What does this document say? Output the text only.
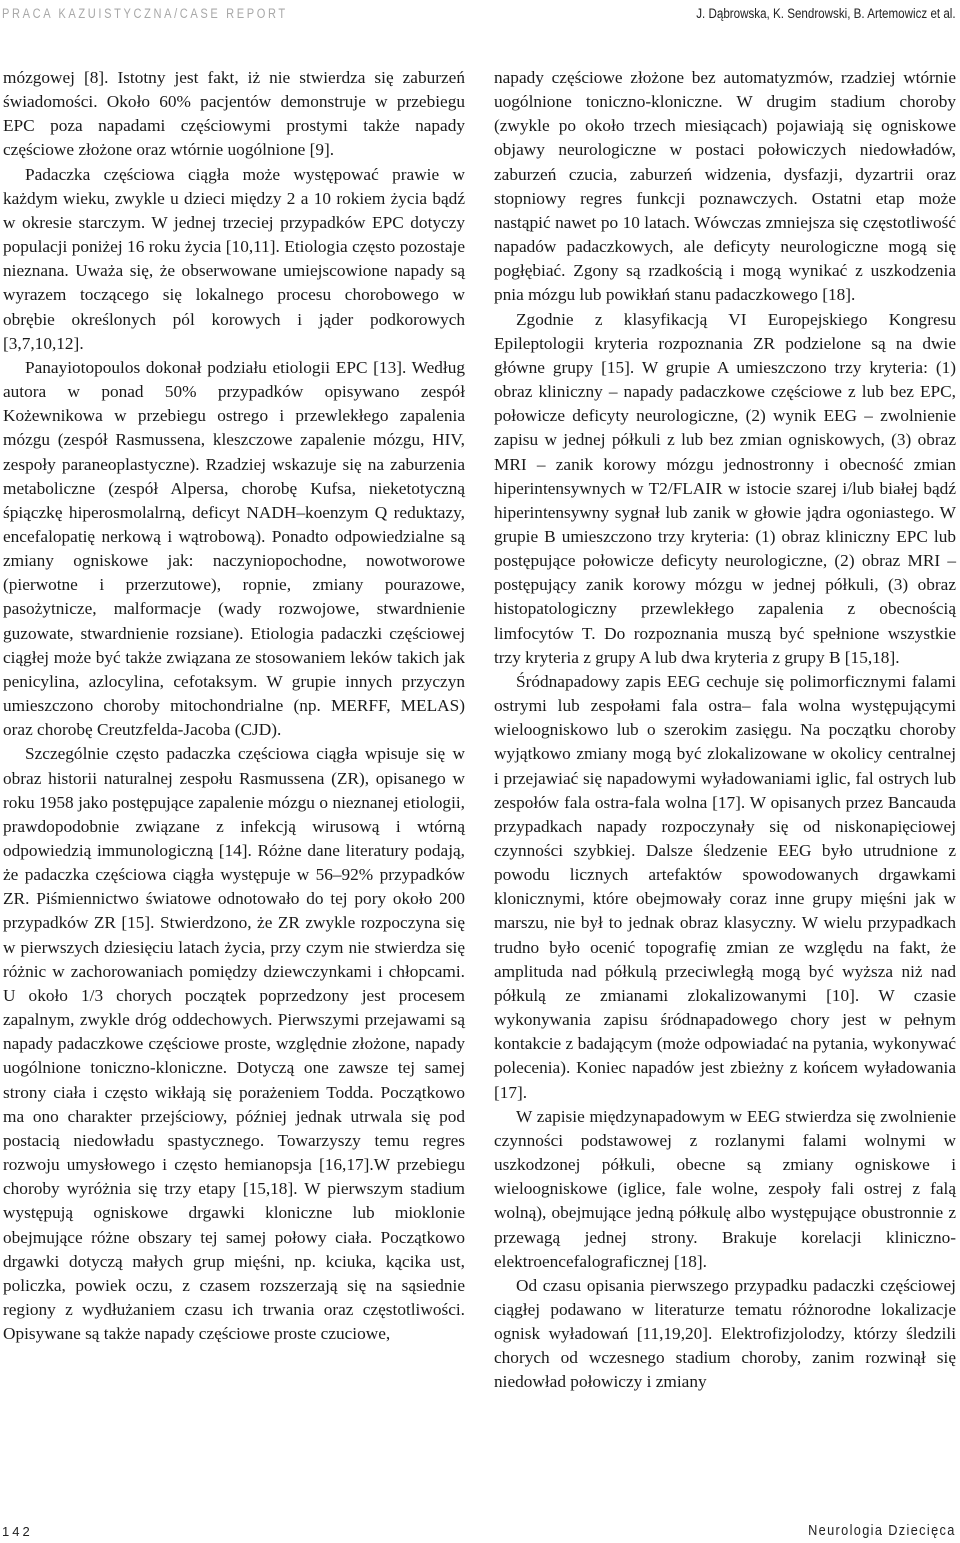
PRACA KAZUISTYCZNA/CASE REPORT	J. Dąbrowska, K. Sendrowski, B. Artemowicz et al.

mózgowej [8]. Istotny jest fakt, iż nie stwierdza się zaburzeń świadomości. Około 60% pacjentów demonstruje w przebiegu EPC poza napadami częściowymi prostymi także napady częściowe złożone oraz wtórnie uogólnione [9].

Padaczka częściowa ciągła może występować prawie w każdym wieku, zwykle u dzieci między 2 a 10 rokiem życia bądź w okresie starczym. W jednej trzeciej przypadków EPC dotyczy populacji poniżej 16 roku życia [10,11]. Etiologia często pozostaje nieznana. Uważa się, że obserwowane umiejscowione napady są wyrazem toczącego się lokalnego procesu chorobowego w obrębie określonych pól korowych i jąder podkorowych [3,7,10,12].

Panayiotopoulos dokonał podziału etiologii EPC [13]. Według autora w ponad 50% przypadków opisywano zespół Kożewnikowa w przebiegu ostrego i przewlekłego zapalenia mózgu (zespół Rasmussena, kleszczowe zapalenie mózgu, HIV, zespoły paraneoplastyczne). Rzadziej wskazuje się na zaburzenia metaboliczne (zespół Alpersa, chorobę Kufsa, nieketotyczną śpiączkę hiperosmolalrną, deficyt NADH–koenzym Q reduktazy, encefalopatię nerkową i wątrobową). Ponadto odpowiedzialne są zmiany ogniskowe jak: naczyniopochodne, nowotworowe (pierwotne i przerzutowe), ropnie, zmiany pourazowe, pasożytnicze, malformacje (wady rozwojowe, stwardnienie guzowate, stwardnienie rozsiane). Etiologia padaczki częściowej ciągłej może być także związana ze stosowaniem leków takich jak penicylina, azlocylina, cefotaksym. W grupie innych przyczyn umieszczono choroby mitochondrialne (np. MERFF, MELAS) oraz chorobę Creutzfelda-Jacoba (CJD).

Szczególnie często padaczka częściowa ciągła wpisuje się w obraz historii naturalnej zespołu Rasmussena (ZR), opisanego w roku 1958 jako postępujące zapalenie mózgu o nieznanej etiologii, prawdopodobnie związane z infekcją wirusową i wtórną odpowiedzią immunologiczną [14]. Różne dane literatury podają, że padaczka częściowa ciągła występuje w 56–92% przypadków ZR. Piśmiennictwo światowe odnotowało do tej pory około 200 przypadków ZR [15]. Stwierdzono, że ZR zwykle rozpoczyna się w pierwszych dziesięciu latach życia, przy czym nie stwierdza się różnic w zachorowaniach pomiędzy dziewczynkami i chłopcami. U około 1/3 chorych początek poprzedzony jest procesem zapalnym, zwykle dróg oddechowych. Pierwszymi przejawami są napady padaczkowe częściowe proste, względnie złożone, napady uogólnione toniczno-kloniczne. Dotyczą one zawsze tej samej strony ciała i często wikłają się porażeniem Todda. Początkowo ma ono charakter przejściowy, później jednak utrwala się pod postacią niedowładu spastycznego. Towarzyszy temu regres rozwoju umysłowego i często hemianopsja [16,17].W przebiegu choroby wyróżnia się trzy etapy [15,18]. W pierwszym stadium występują ogniskowe drgawki kloniczne lub mioklonie obejmujące różne obszary tej samej połowy ciała. Początkowo drgawki dotyczą małych grup mięśni, np. kciuka, kącika ust, policzka, powiek oczu, z czasem rozszerzają się na sąsiednie regiony z wydłużaniem czasu ich trwania oraz częstotliwości. Opisywane są także napady częściowe proste czuciowe,

napady częściowe złożone bez automatyzmów, rzadziej wtórnie uogólnione toniczno-kloniczne. W drugim stadium choroby (zwykle po około trzech miesiącach) pojawiają się ogniskowe objawy neurologiczne w postaci połowiczych niedowładów, zaburzeń czucia, zaburzeń widzenia, dysfazji, dyzartrii oraz stopniowy regres funkcji poznawczych. Ostatni etap może nastąpić nawet po 10 latach. Wówczas zmniejsza się częstotliwość napadów padaczkowych, ale deficyty neurologiczne mogą się pogłębiać. Zgony są rzadkością i mogą wynikać z uszkodzenia pnia mózgu lub powikłań stanu padaczkowego [18].

Zgodnie z klasyfikacją VI Europejskiego Kongresu Epileptologii kryteria rozpoznania ZR podzielone są na dwie główne grupy [15]. W grupie A umieszczono trzy kryteria: (1) obraz kliniczny – napady padaczkowe częściowe z lub bez EPC, połowicze deficyty neurologiczne, (2) wynik EEG – zwolnienie zapisu w jednej półkuli z lub bez zmian ogniskowych, (3) obraz MRI – zanik korowy mózgu jednostronny i obecność zmian hiperintensywnych w T2/FLAIR w istocie szarej i/lub białej bądź hiperintensywny sygnał lub zanik w głowie jądra ogoniastego. W grupie B umieszczono trzy kryteria: (1) obraz kliniczny EPC lub postępujące połowicze deficyty neurologiczne, (2) obraz MRI – postępujący zanik korowy mózgu w jednej półkuli, (3) obraz histopatologiczny przewlekłego zapalenia z obecnością limfocytów T. Do rozpoznania muszą być spełnione wszystkie trzy kryteria z grupy A lub dwa kryteria z grupy B [15,18].

Śródnapadowy zapis EEG cechuje się polimorficznymi falami ostrymi lub zespołami fala ostra– fala wolna występującymi wieloogniskowo lub o szerokim zasięgu. Na początku choroby wyjątkowo zmiany mogą być zlokalizowane w okolicy centralnej i przejawiać się napadowymi wyładowaniami iglic, fal ostrych lub zespołów fala ostra-fala wolna [17]. W opisanych przez Bancauda przypadkach napady rozpoczynały się od niskonapięciowej czynności szybkiej. Dalsze śledzenie EEG było utrudnione z powodu licznych artefaktów spowodowanych drgawkami klonicznymi, które obejmowały coraz inne grupy mięśni jak w marszu, nie był to jednak obraz klasyczny. W wielu przypadkach trudno było ocenić topografię zmian ze względu na fakt, że amplituda nad półkulą przeciwległą mogą być wyższa niż nad półkulą ze zmianami zlokalizowanymi [10]. W czasie wykonywania zapisu śródnapadowego chory jest w pełnym kontakcie z badającym (może odpowiadać na pytania, wykonywać polecenia). Koniec napadów jest zbieżny z końcem wyładowania [17].

W zapisie międzynapadowym w EEG stwierdza się zwolnienie czynności podstawowej z rozlanymi falami wolnymi w uszkodzonej półkuli, obecne są zmiany ogniskowe i wieloogniskowe (iglice, fale wolne, zespoły fali ostrej z falą wolną), obejmujące jedną półkulę albo występujące obustronnie z przewagą jednej strony. Brakuje korelacji kliniczno-elektroencefalograficznej [18].

Od czasu opisania pierwszego przypadku padaczki częściowej ciągłej podawano w literaturze tematu różnorodne lokalizacje ognisk wyładowań [11,19,20]. Elektrofizjolodzy, którzy śledzili chorych od wczesnego stadium choroby, zanim rozwinął się niedowład połowiczy i zmiany

142	Neurologia Dziecięca
